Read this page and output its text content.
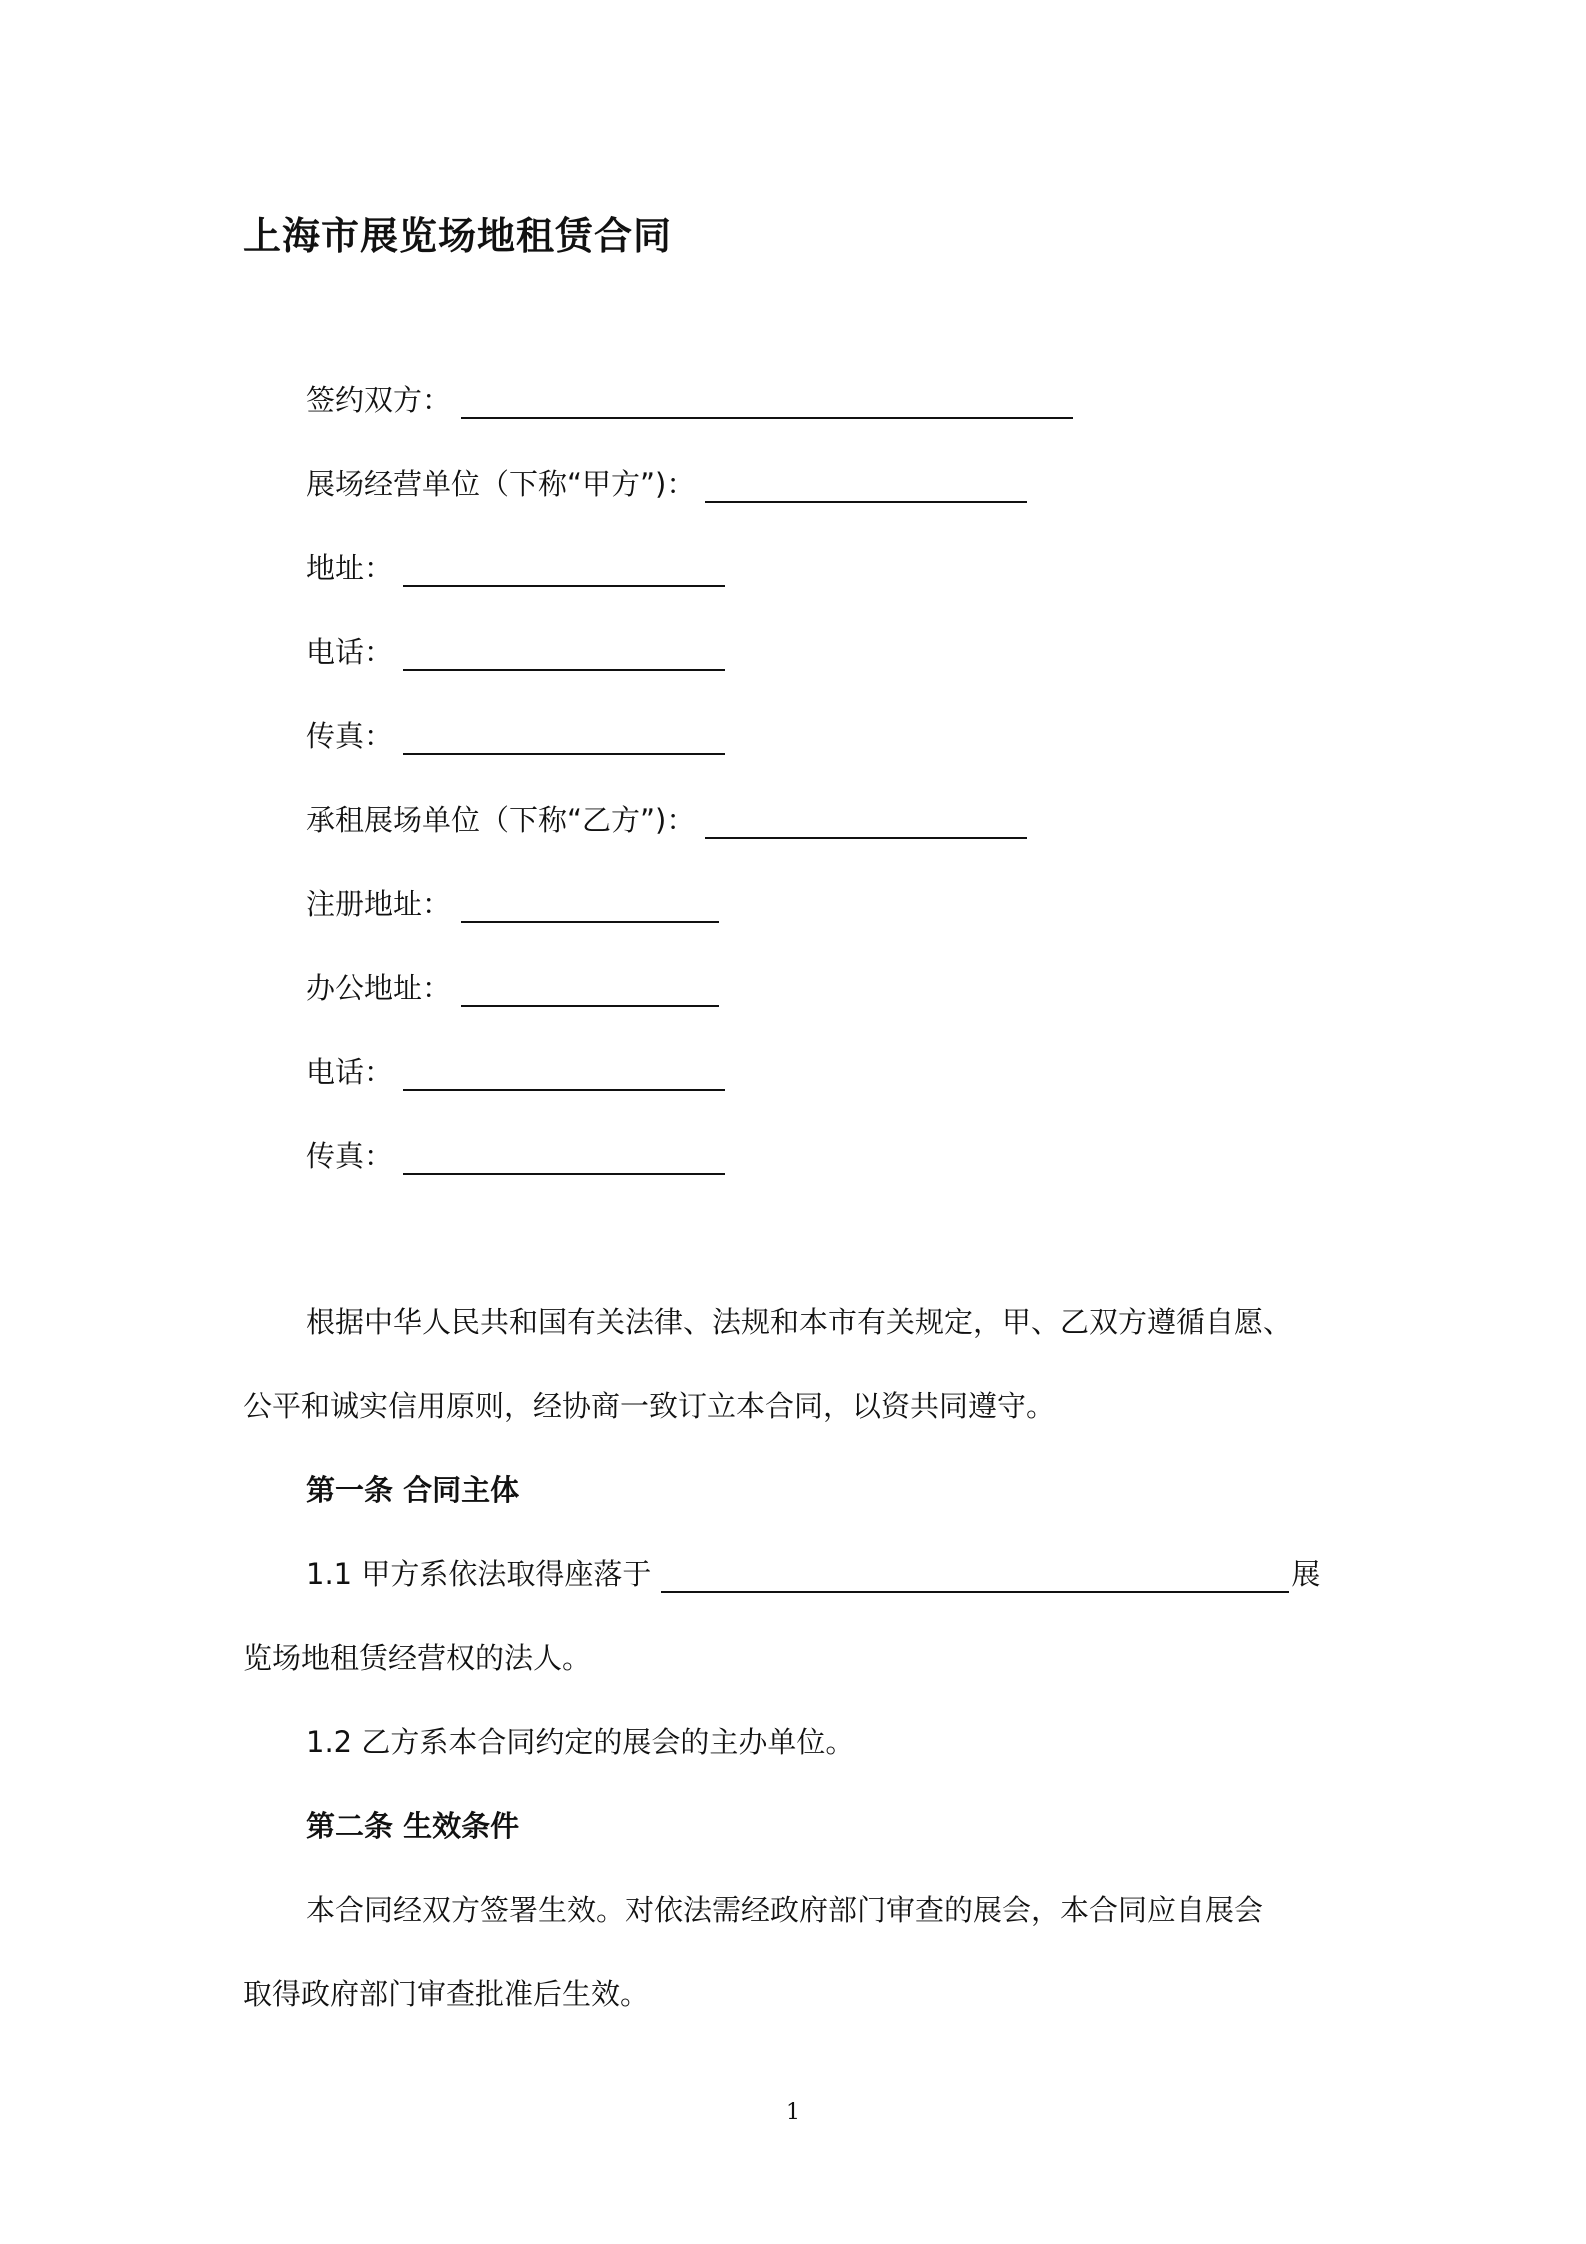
上海市展览场地租赁合同
签约双方：
展场经营单位（下称“甲方”)：
地址：
电话：
传真：
承租展场单位（下称“乙方”)：
注册地址：
办公地址：
电话：
传真：
根据中华人民共和国有关法律、法规和本市有关规定，甲、乙双方遵循自愿、
公平和诚实信用原则，经协商一致订立本合同，以资共同遵守。
第一条 合同主体
1.1 甲方系依法取得座落于	展
览场地租赁经营权的法人。
1.2 乙方系本合同约定的展会的主办单位。
第二条 生效条件
本合同经双方签署生效。对依法需经政府部门审查的展会，本合同应自展会
取得政府部门审查批准后生效。
1
